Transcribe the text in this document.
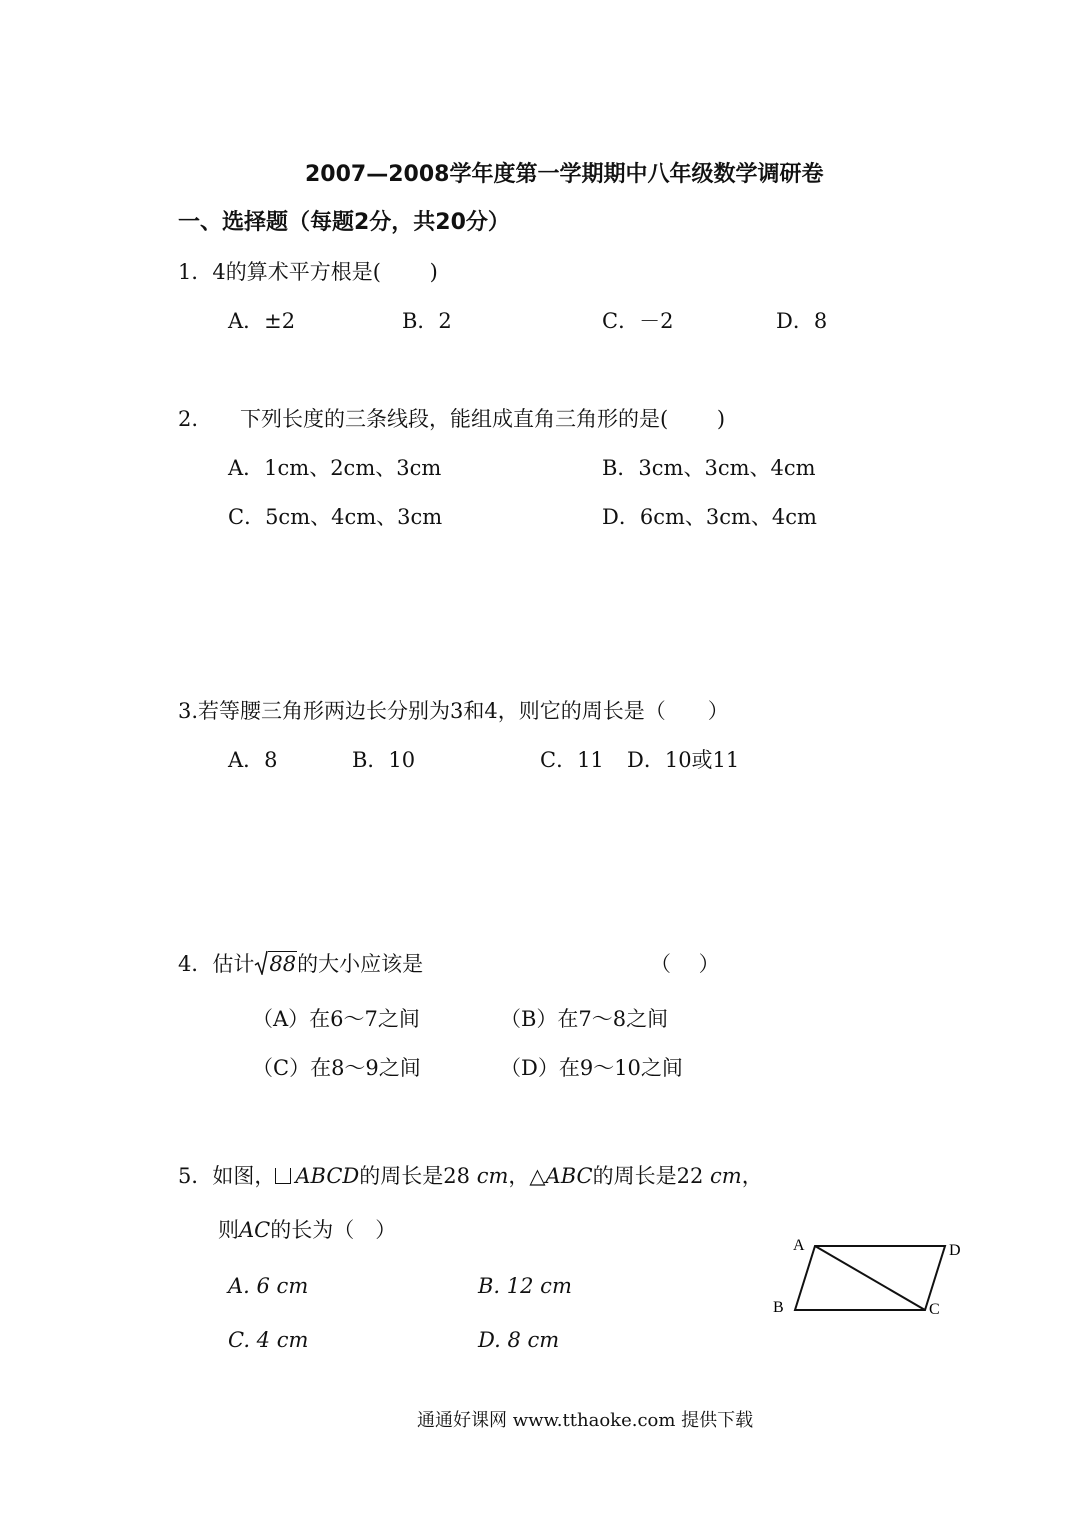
2007—2008学年度第一学期期中八年级数学调研卷
一、选择题（每题2分，共20分）
1．4的算术平方根是(　　 )
A．±2	B．2	C．－2	D．8
2.　　下列长度的三条线段，能组成直角三角形的是(　　 )
A．1cm、2cm、3cm	B．3cm、3cm、4cm
C．5cm、4cm、3cm	D．6cm、3cm、4cm
3.若等腰三角形两边长分别为3和4，则它的周长是（　　）
A．8	B．10	C．11 D．10或11
4．估计 88的大小应该是	（　 ）
（A）在6～7之间	（B）在7～8之间
（C）在8～9之间	（D）在9～10之间
5．如图， ABCD的周长是28 cm，△ABC的周长是22 cm，
则AC的长为（　）
A. 6 cm	B. 12 cm
C. 4 cm	D. 8 cm
A	D
B	C
通通好课网 www.tthaoke.com 提供下载
